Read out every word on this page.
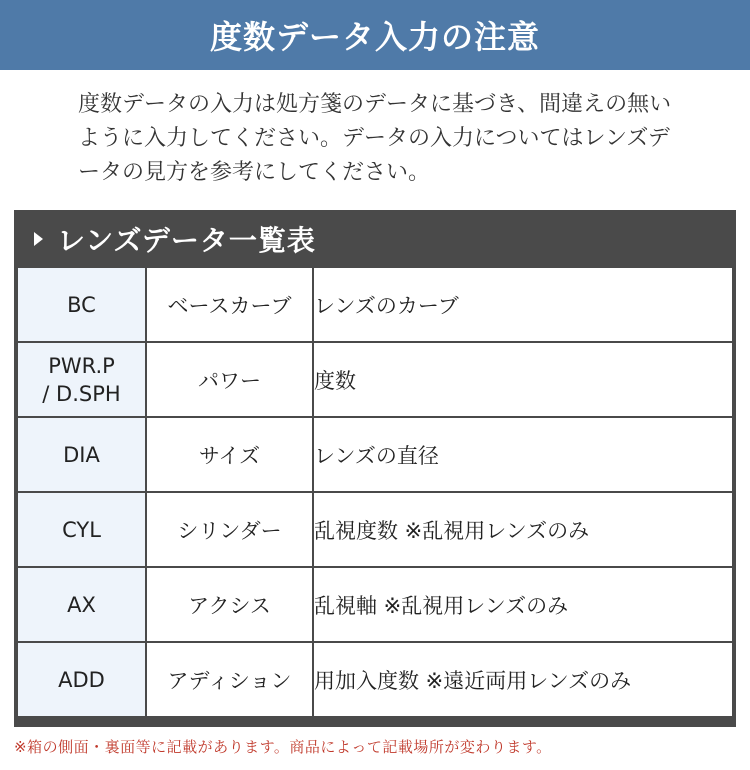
度数データ入力の注意
度数データの入力は処方箋のデータに基づき、間違えの無いように入力してください。データの入力については​レンズデータの見方を参考にしてください。
レンズデータ一覧表
BC	ベースカーブ	レンズのカーブ
PWR.P
/ D.SPH	パワー	度数
DIA	サイズ	レンズの直径
CYL	シリンダー	乱視度数 ※乱視用レンズのみ
AX	アクシス	乱視軸 ※乱視用レンズのみ
ADD	アディション	用加入度数 ※遠近両用レンズのみ
※箱の側面・裏面等に記載があります。商品によって記載場所が変わります。
